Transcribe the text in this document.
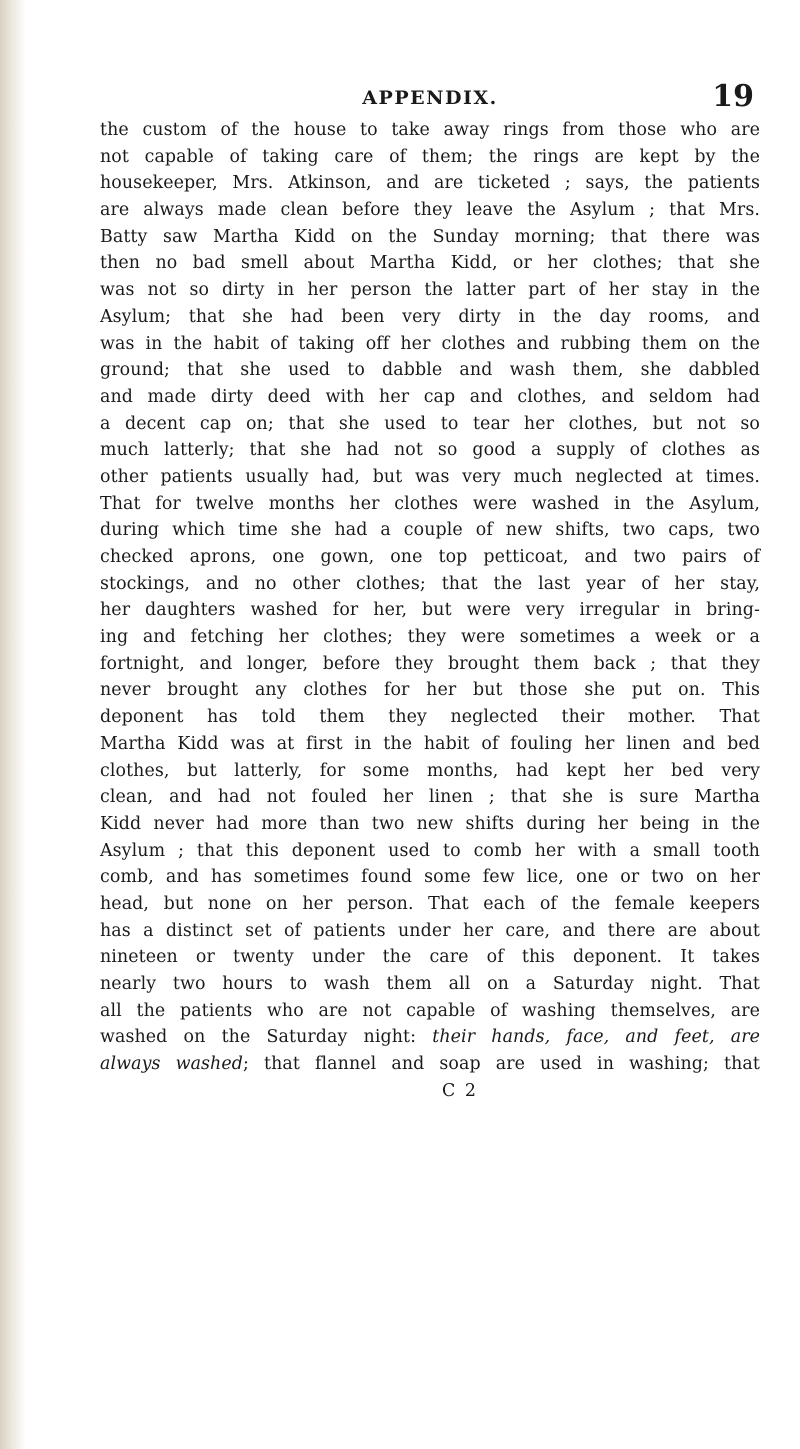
APPENDIX.	19
the custom of the house to take away rings from those who are
not capable of taking care of them; the rings are kept by the
housekeeper, Mrs. Atkinson, and are ticketed ; says, the patients
are always made clean before they leave the Asylum ; that Mrs.
Batty saw Martha Kidd on the Sunday morning; that there was
then no bad smell about Martha Kidd, or her clothes; that she
was not so dirty in her person the latter part of her stay in the
Asylum; that she had been very dirty in the day rooms, and
was in the habit of taking off her clothes and rubbing them on the
ground; that she used to dabble and wash them, she dabbled
and made dirty deed with her cap and clothes, and seldom had
a decent cap on; that she used to tear her clothes, but not so
much latterly; that she had not so good a supply of clothes as
other patients usually had, but was very much neglected at times.
That for twelve months her clothes were washed in the Asylum,
during which time she had a couple of new shifts, two caps, two
checked aprons, one gown, one top petticoat, and two pairs of
stockings, and no other clothes; that the last year of her stay,
her daughters washed for her, but were very irregular in bring-
ing and fetching her clothes; they were sometimes a week or a
fortnight, and longer, before they brought them back ; that they
never brought any clothes for her but those she put on. This
deponent has told them they neglected their mother. That
Martha Kidd was at first in the habit of fouling her linen and bed
clothes, but latterly, for some months, had kept her bed very
clean, and had not fouled her linen ; that she is sure Martha
Kidd never had more than two new shifts during her being in the
Asylum ; that this deponent used to comb her with a small tooth
comb, and has sometimes found some few lice, one or two on her
head, but none on her person. That each of the female keepers
has a distinct set of patients under her care, and there are about
nineteen or twenty under the care of this deponent. It takes
nearly two hours to wash them all on a Saturday night. That
all the patients who are not capable of washing themselves, are
washed on the Saturday night: their hands, face, and feet, are
always washed; that flannel and soap are used in washing; that
C 2
